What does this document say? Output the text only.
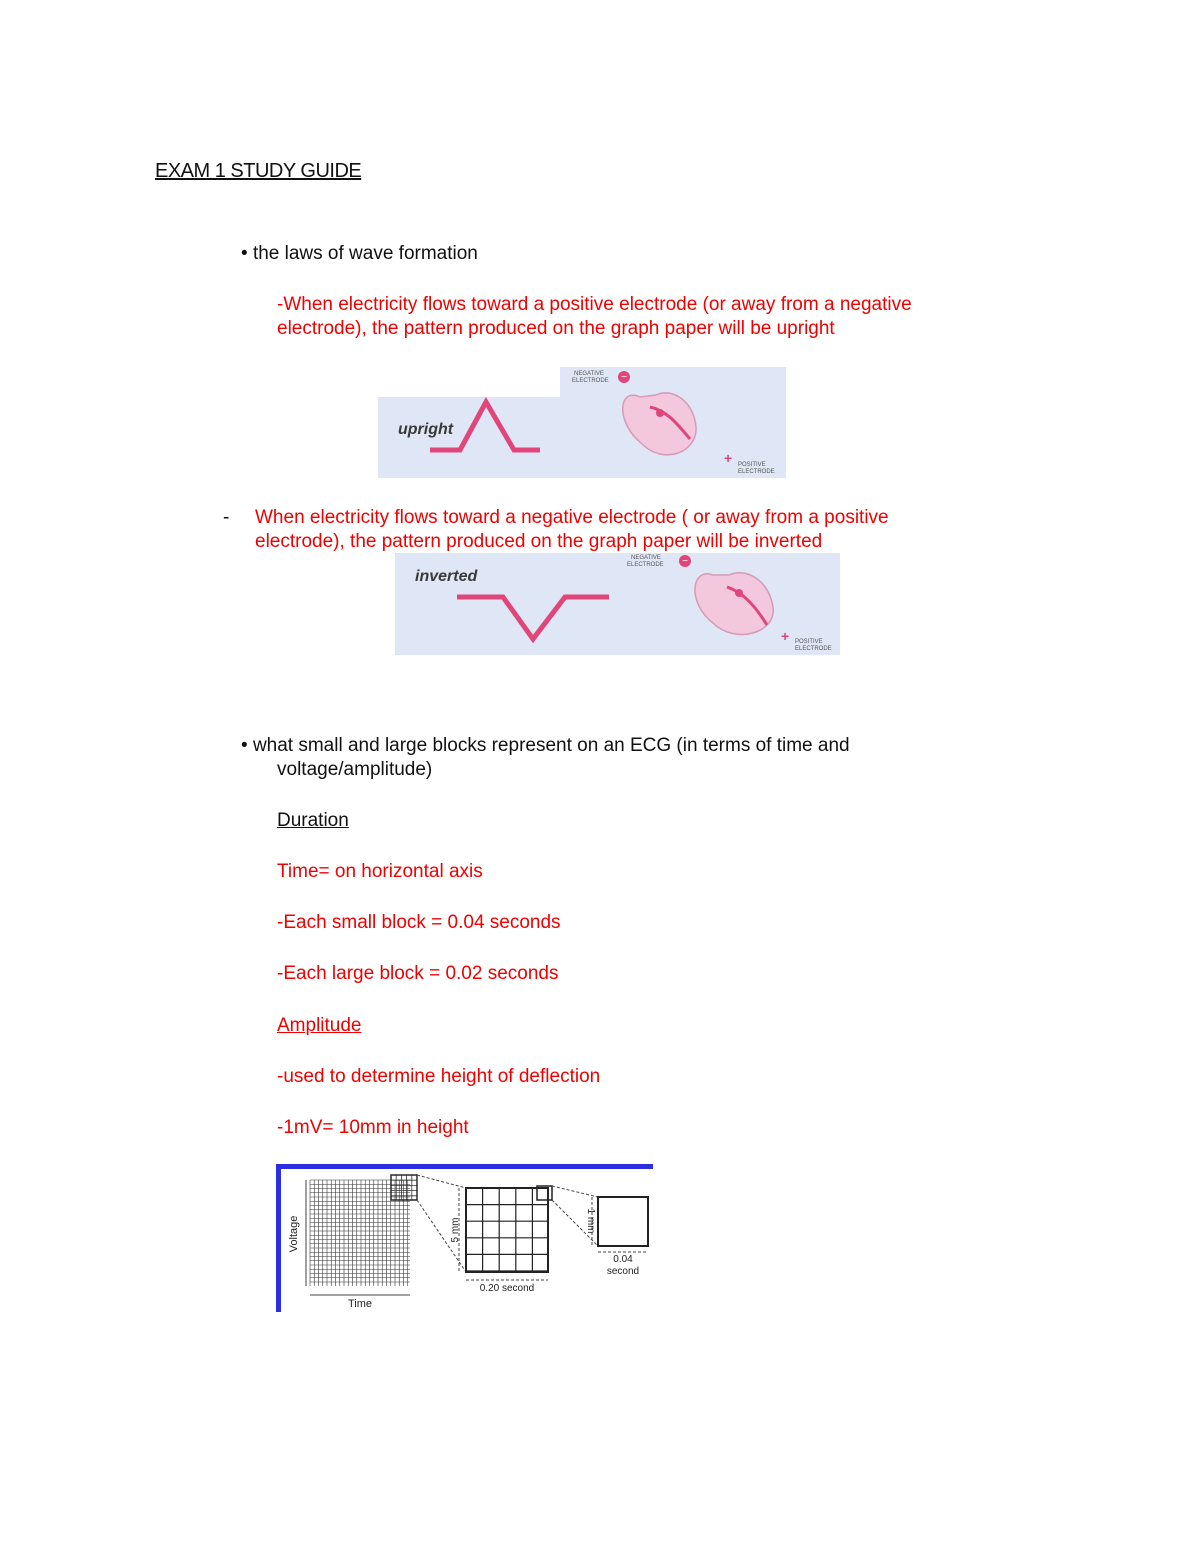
EXAM 1 STUDY GUIDE
• the laws of wave formation
-When electricity flows toward a positive electrode (or away from a negative electrode), the pattern produced on the graph paper will be upright
upright
NEGATIVE
ELECTRODE −
+ POSITIVE
ELECTRODE
- When electricity flows toward a negative electrode ( or away from a positive electrode), the pattern produced on the graph paper will be inverted
inverted
NEGATIVE
ELECTRODE −
+ POSITIVE
ELECTRODE
• what small and large blocks represent on an ECG (in terms of time and
voltage/amplitude)
Duration
Time= on horizontal axis
-Each small block = 0.04 seconds
-Each large block = 0.02 seconds
Amplitude
-used to determine height of deflection
-1mV= 10mm in height
5 mm
0.20 second
1 mm
0.04
second
Voltage
Time
